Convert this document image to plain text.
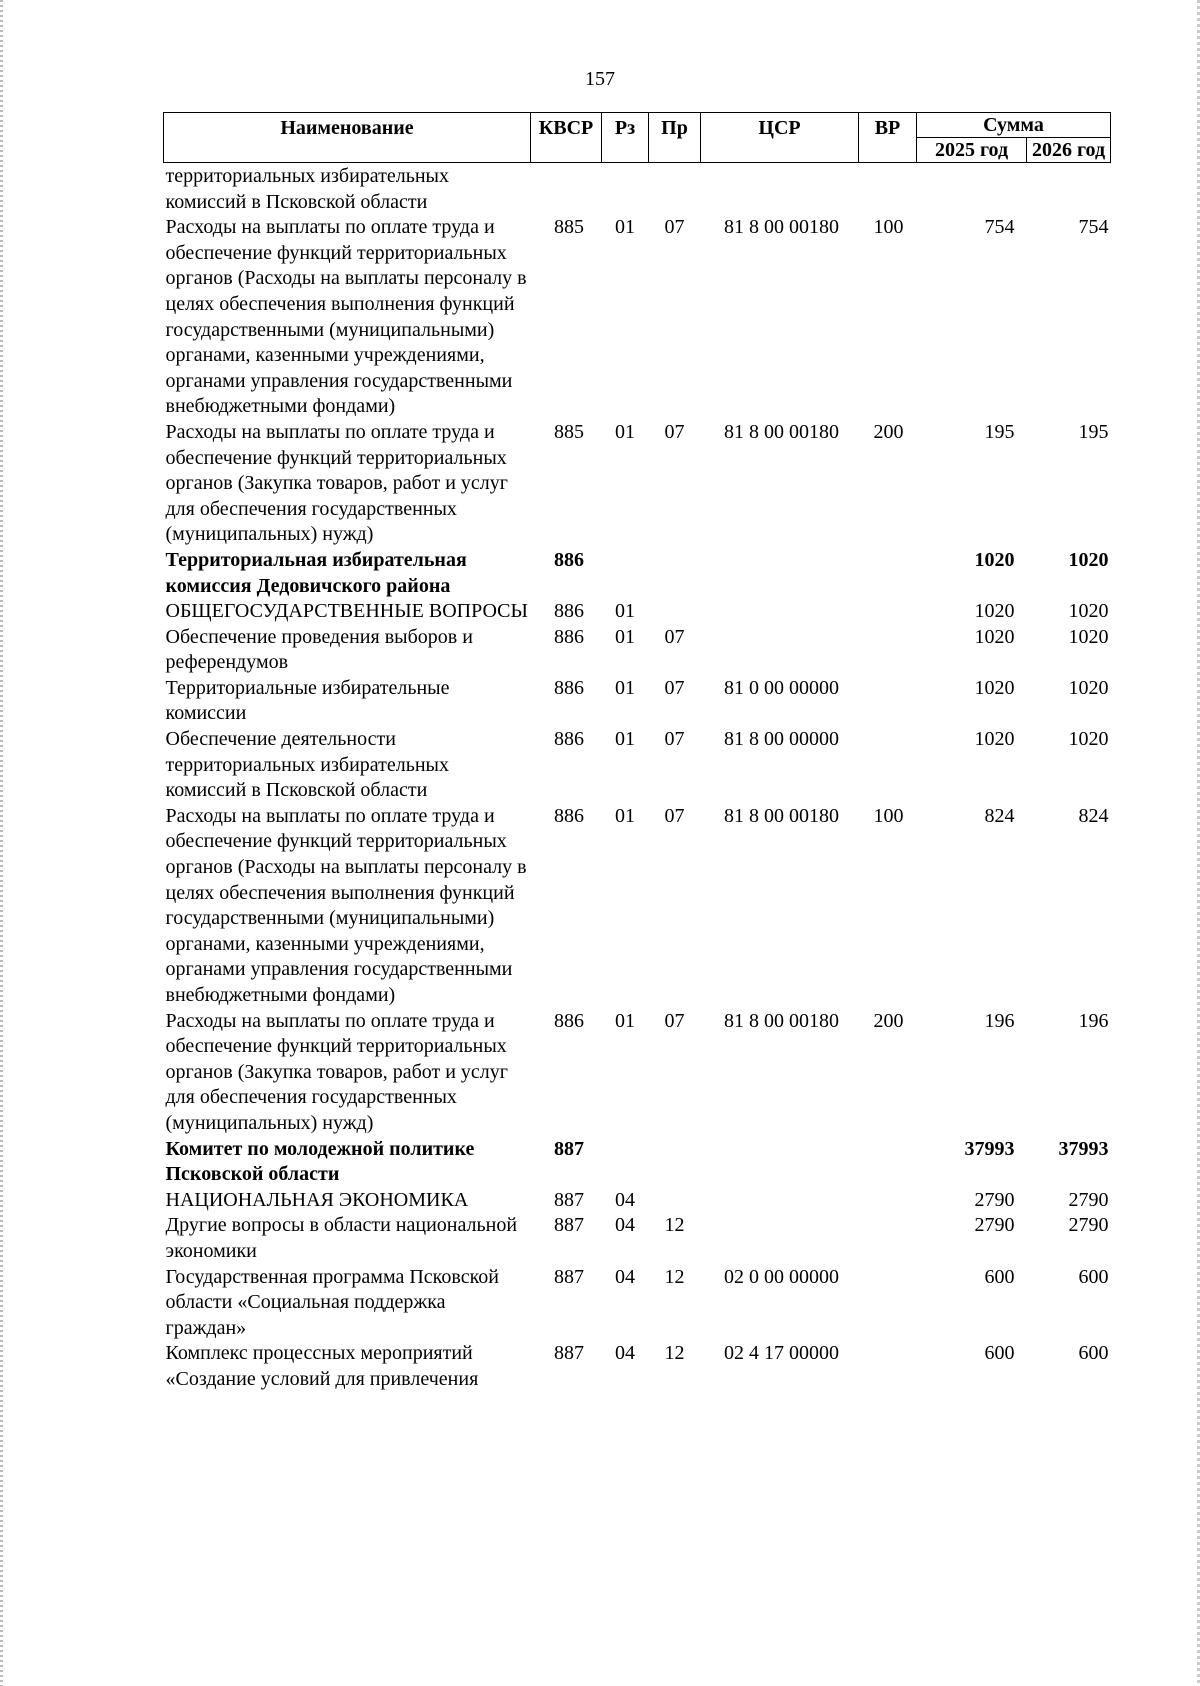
157
Наименование	КВСР	Рз	Пр	ЦСР	ВР	Сумма	
						2025 год	2026 год
территориальных избирательных комиссий в Псковской области							
Расходы на выплаты по оплате труда и обеспечение функций территориальных органов (Расходы на выплаты персоналу в целях обеспечения выполнения функций государственными (муниципальными) органами, казенными учреждениями, органами управления государственными внебюджетными фондами)	885	01	07	81 8 00 00180	100	754	754
Расходы на выплаты по оплате труда и обеспечение функций территориальных органов (Закупка товаров, работ и услуг для обеспечения государственных (муниципальных) нужд)	885	01	07	81 8 00 00180	200	195	195
Территориальная избирательная комиссия Дедовичского района	886					1020	1020
ОБЩЕГОСУДАРСТВЕННЫЕ ВОПРОСЫ	886	01				1020	1020
Обеспечение проведения выборов и референдумов	886	01	07			1020	1020
Территориальные избирательные комиссии	886	01	07	81 0 00 00000		1020	1020
Обеспечение деятельности территориальных избирательных комиссий в Псковской области	886	01	07	81 8 00 00000		1020	1020
Расходы на выплаты по оплате труда и обеспечение функций территориальных органов (Расходы на выплаты персоналу в целях обеспечения выполнения функций государственными (муниципальными) органами, казенными учреждениями, органами управления государственными внебюджетными фондами)	886	01	07	81 8 00 00180	100	824	824
Расходы на выплаты по оплате труда и обеспечение функций территориальных органов (Закупка товаров, работ и услуг для обеспечения государственных (муниципальных) нужд)	886	01	07	81 8 00 00180	200	196	196
Комитет по молодежной политике Псковской области	887					37993	37993
НАЦИОНАЛЬНАЯ ЭКОНОМИКА	887	04				2790	2790
Другие вопросы в области национальной экономики	887	04	12			2790	2790
Государственная программа Псковской области «Социальная поддержка граждан»	887	04	12	02 0 00 00000		600	600
Комплекс процессных мероприятий «Создание условий для привлечения	887	04	12	02 4 17 00000		600	600
